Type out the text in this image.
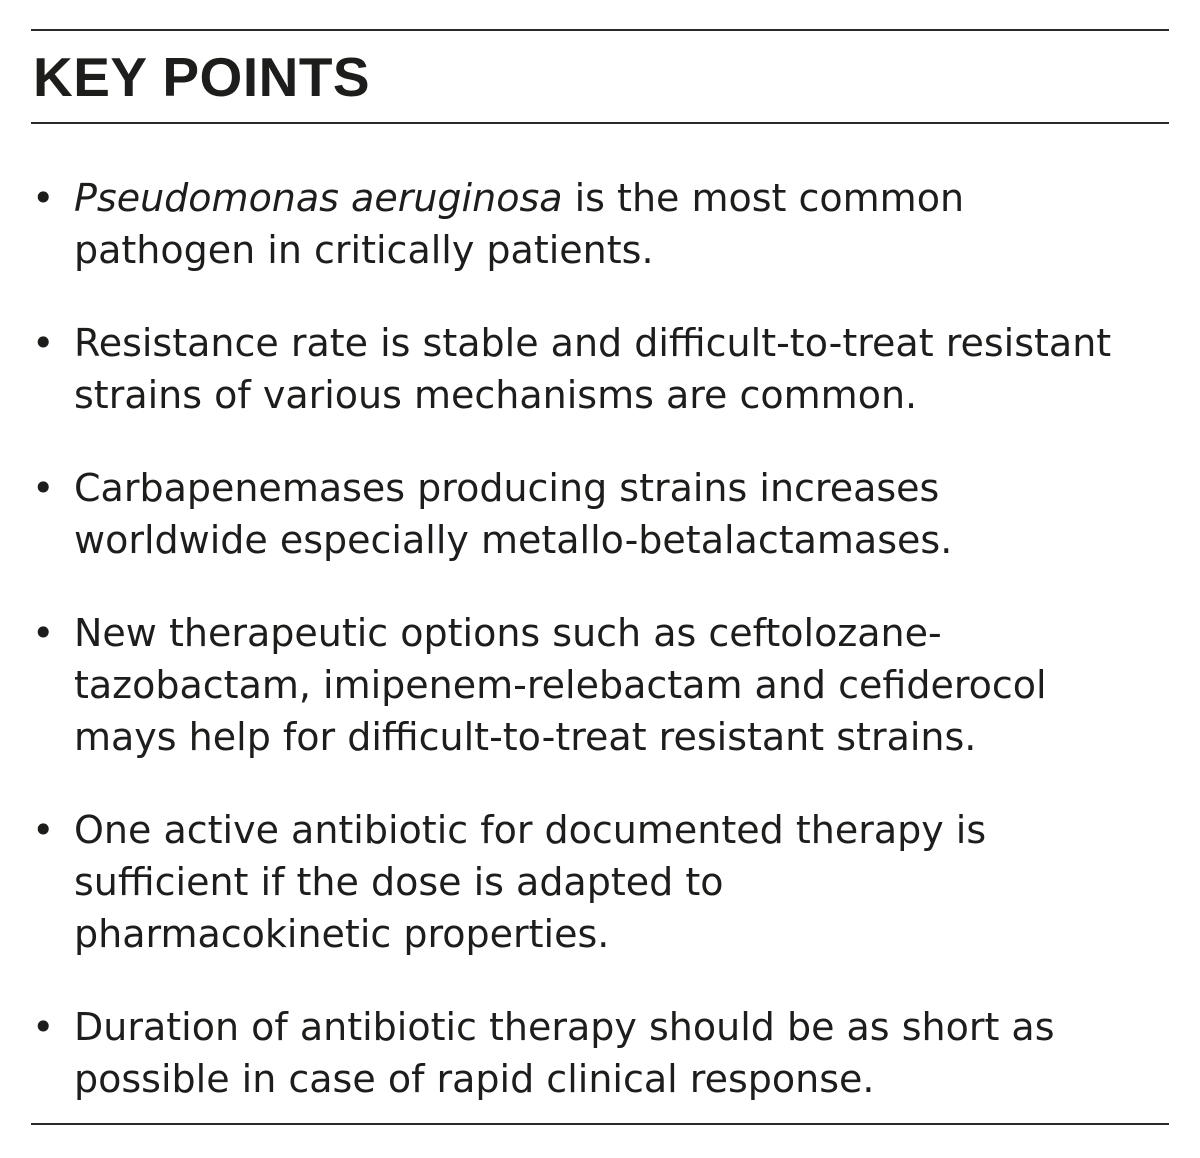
KEY POINTS
• Pseudomonas aeruginosa is the most common
pathogen in critically patients.
• Resistance rate is stable and difficult-to-treat resistant
strains of various mechanisms are common.
• Carbapenemases producing strains increases
worldwide especially metallo-betalactamases.
• New therapeutic options such as ceftolozane-
tazobactam, imipenem-relebactam and cefiderocol
mays help for difficult-to-treat resistant strains.
• One active antibiotic for documented therapy is
sufficient if the dose is adapted to
pharmacokinetic properties.
• Duration of antibiotic therapy should be as short as
possible in case of rapid clinical response.
